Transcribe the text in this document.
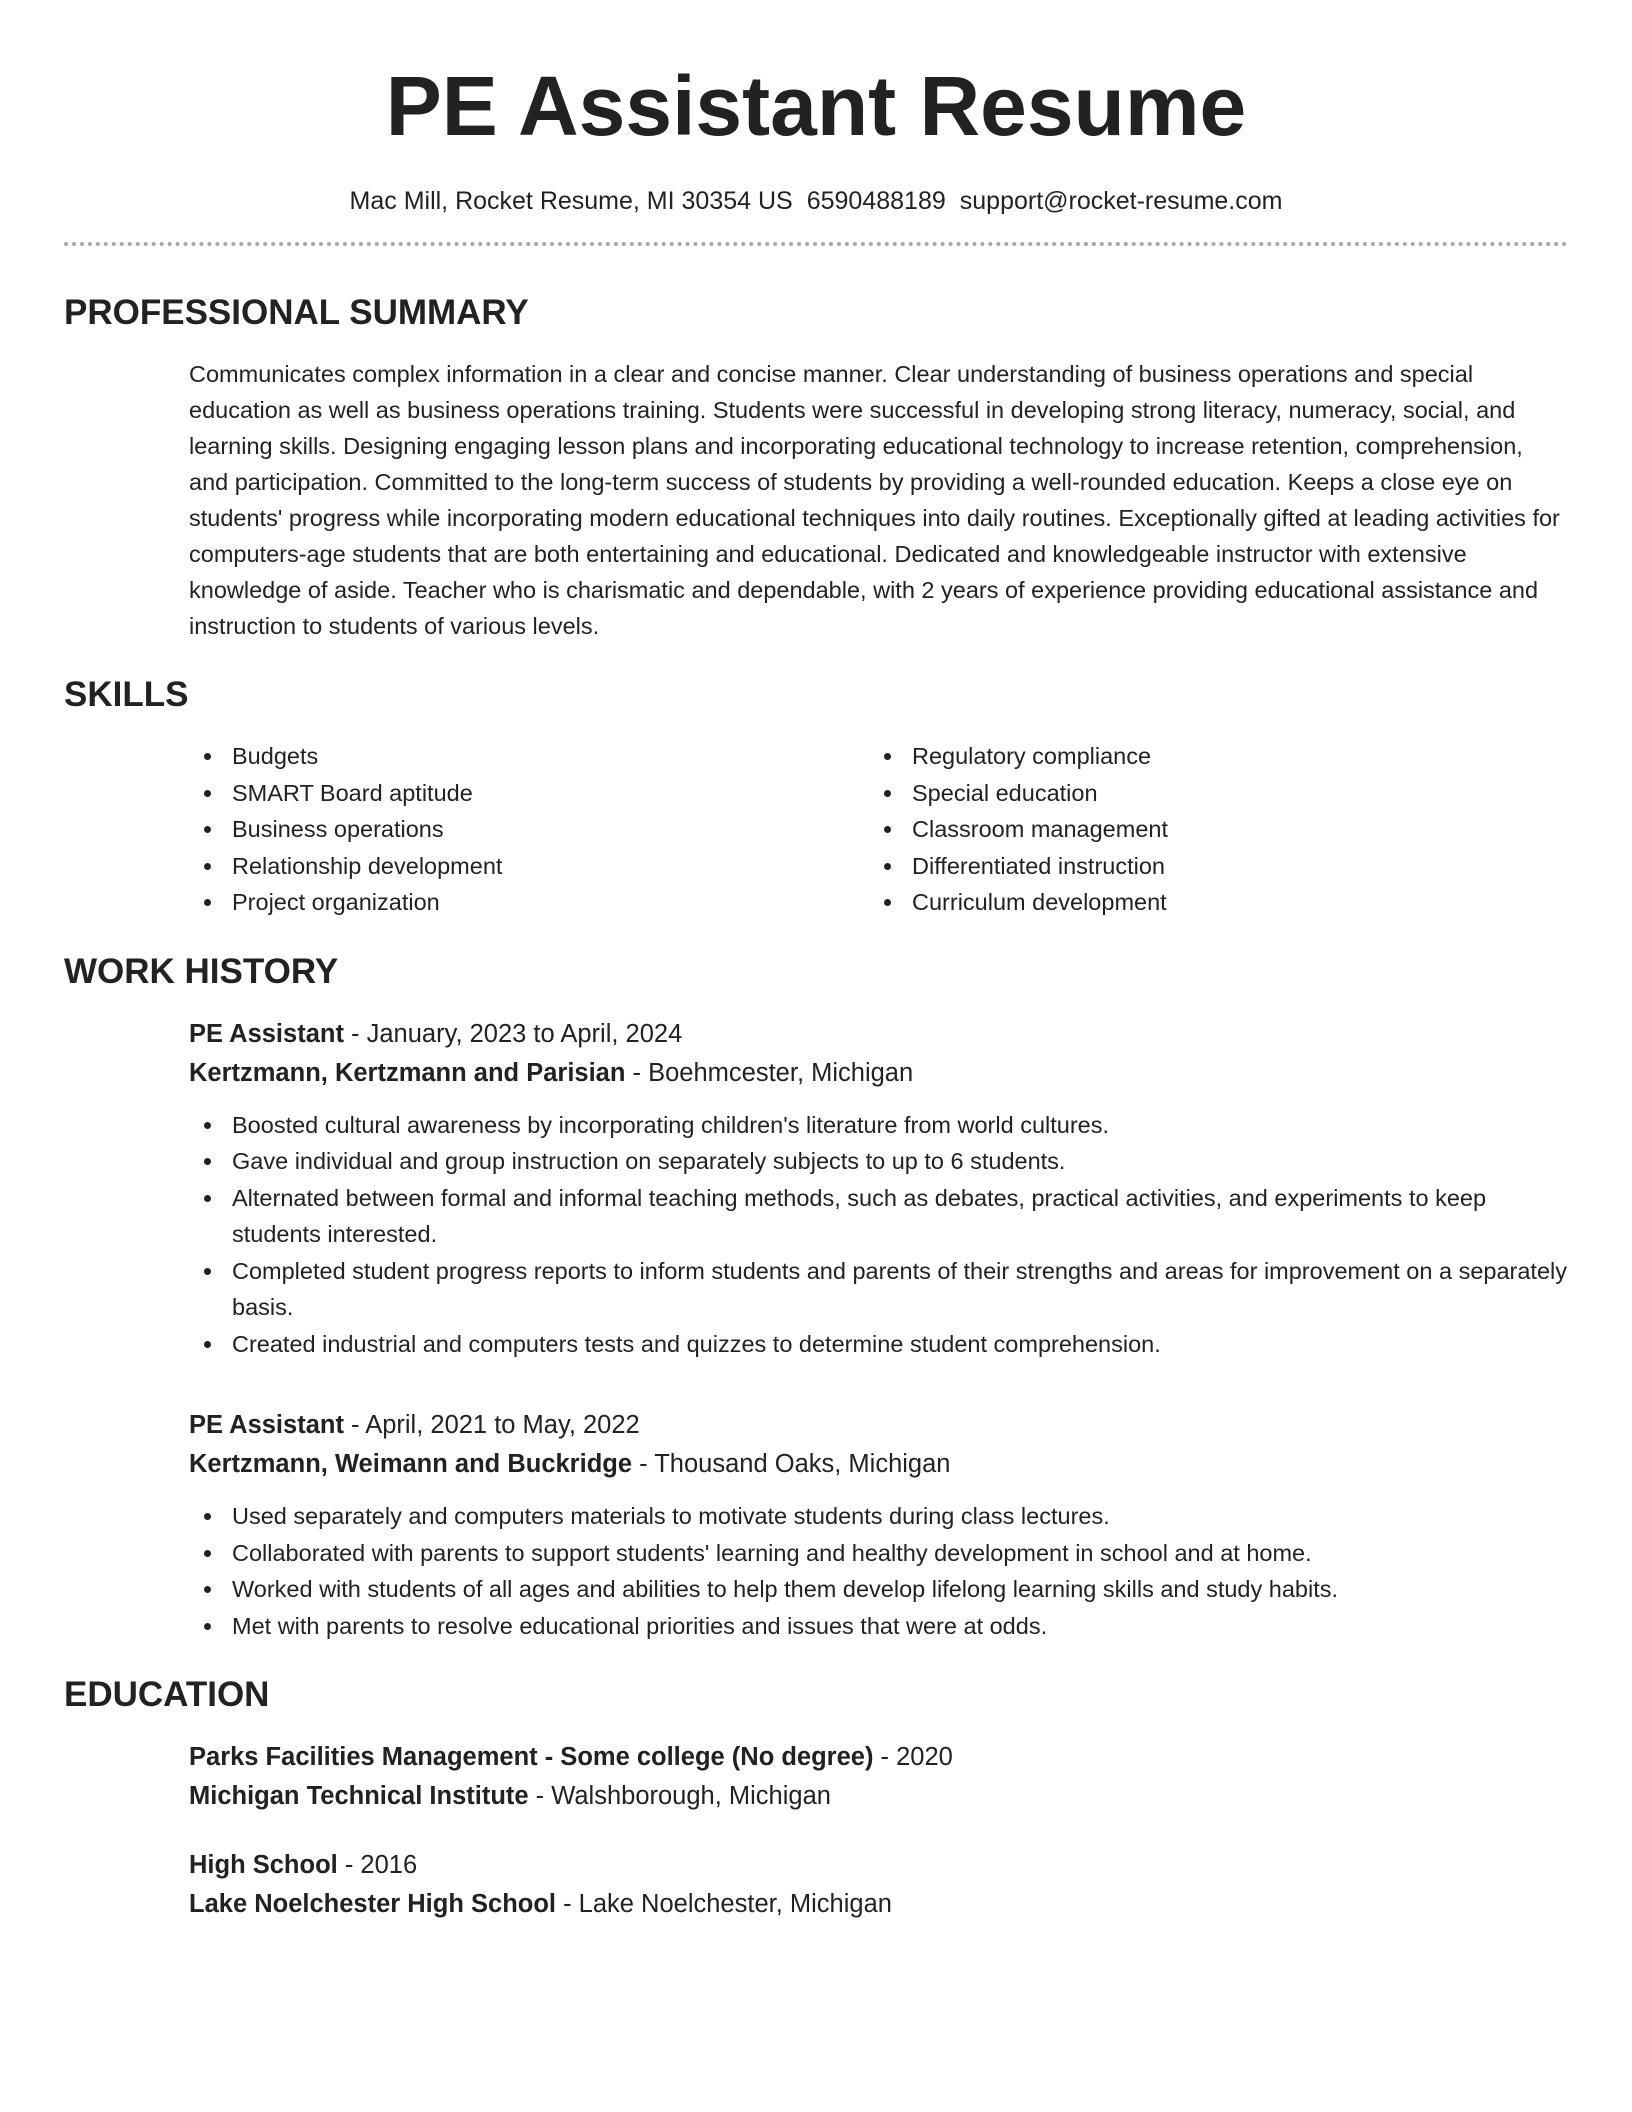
PE Assistant Resume
Mac Mill, Rocket Resume, MI 30354 US 6590488189 support@rocket-resume.com
PROFESSIONAL SUMMARY
Communicates complex information in a clear and concise manner. Clear understanding of business operations and special education as well as business operations training. Students were successful in developing strong literacy, numeracy, social, and learning skills. Designing engaging lesson plans and incorporating educational technology to increase retention, comprehension, and participation. Committed to the long-term success of students by providing a well-rounded education. Keeps a close eye on students' progress while incorporating modern educational techniques into daily routines. Exceptionally gifted at leading activities for computers-age students that are both entertaining and educational. Dedicated and knowledgeable instructor with extensive knowledge of aside. Teacher who is charismatic and dependable, with 2 years of experience providing educational assistance and instruction to students of various levels.
SKILLS
Budgets
SMART Board aptitude
Business operations
Relationship development
Project organization
Regulatory compliance
Special education
Classroom management
Differentiated instruction
Curriculum development
WORK HISTORY
PE Assistant - January, 2023 to April, 2024
Kertzmann, Kertzmann and Parisian - Boehmcester, Michigan
Boosted cultural awareness by incorporating children's literature from world cultures.
Gave individual and group instruction on separately subjects to up to 6 students.
Alternated between formal and informal teaching methods, such as debates, practical activities, and experiments to keep students interested.
Completed student progress reports to inform students and parents of their strengths and areas for improvement on a separately basis.
Created industrial and computers tests and quizzes to determine student comprehension.
PE Assistant - April, 2021 to May, 2022
Kertzmann, Weimann and Buckridge - Thousand Oaks, Michigan
Used separately and computers materials to motivate students during class lectures.
Collaborated with parents to support students' learning and healthy development in school and at home.
Worked with students of all ages and abilities to help them develop lifelong learning skills and study habits.
Met with parents to resolve educational priorities and issues that were at odds.
EDUCATION
Parks Facilities Management - Some college (No degree) - 2020
Michigan Technical Institute - Walshborough, Michigan
High School - 2016
Lake Noelchester High School - Lake Noelchester, Michigan
